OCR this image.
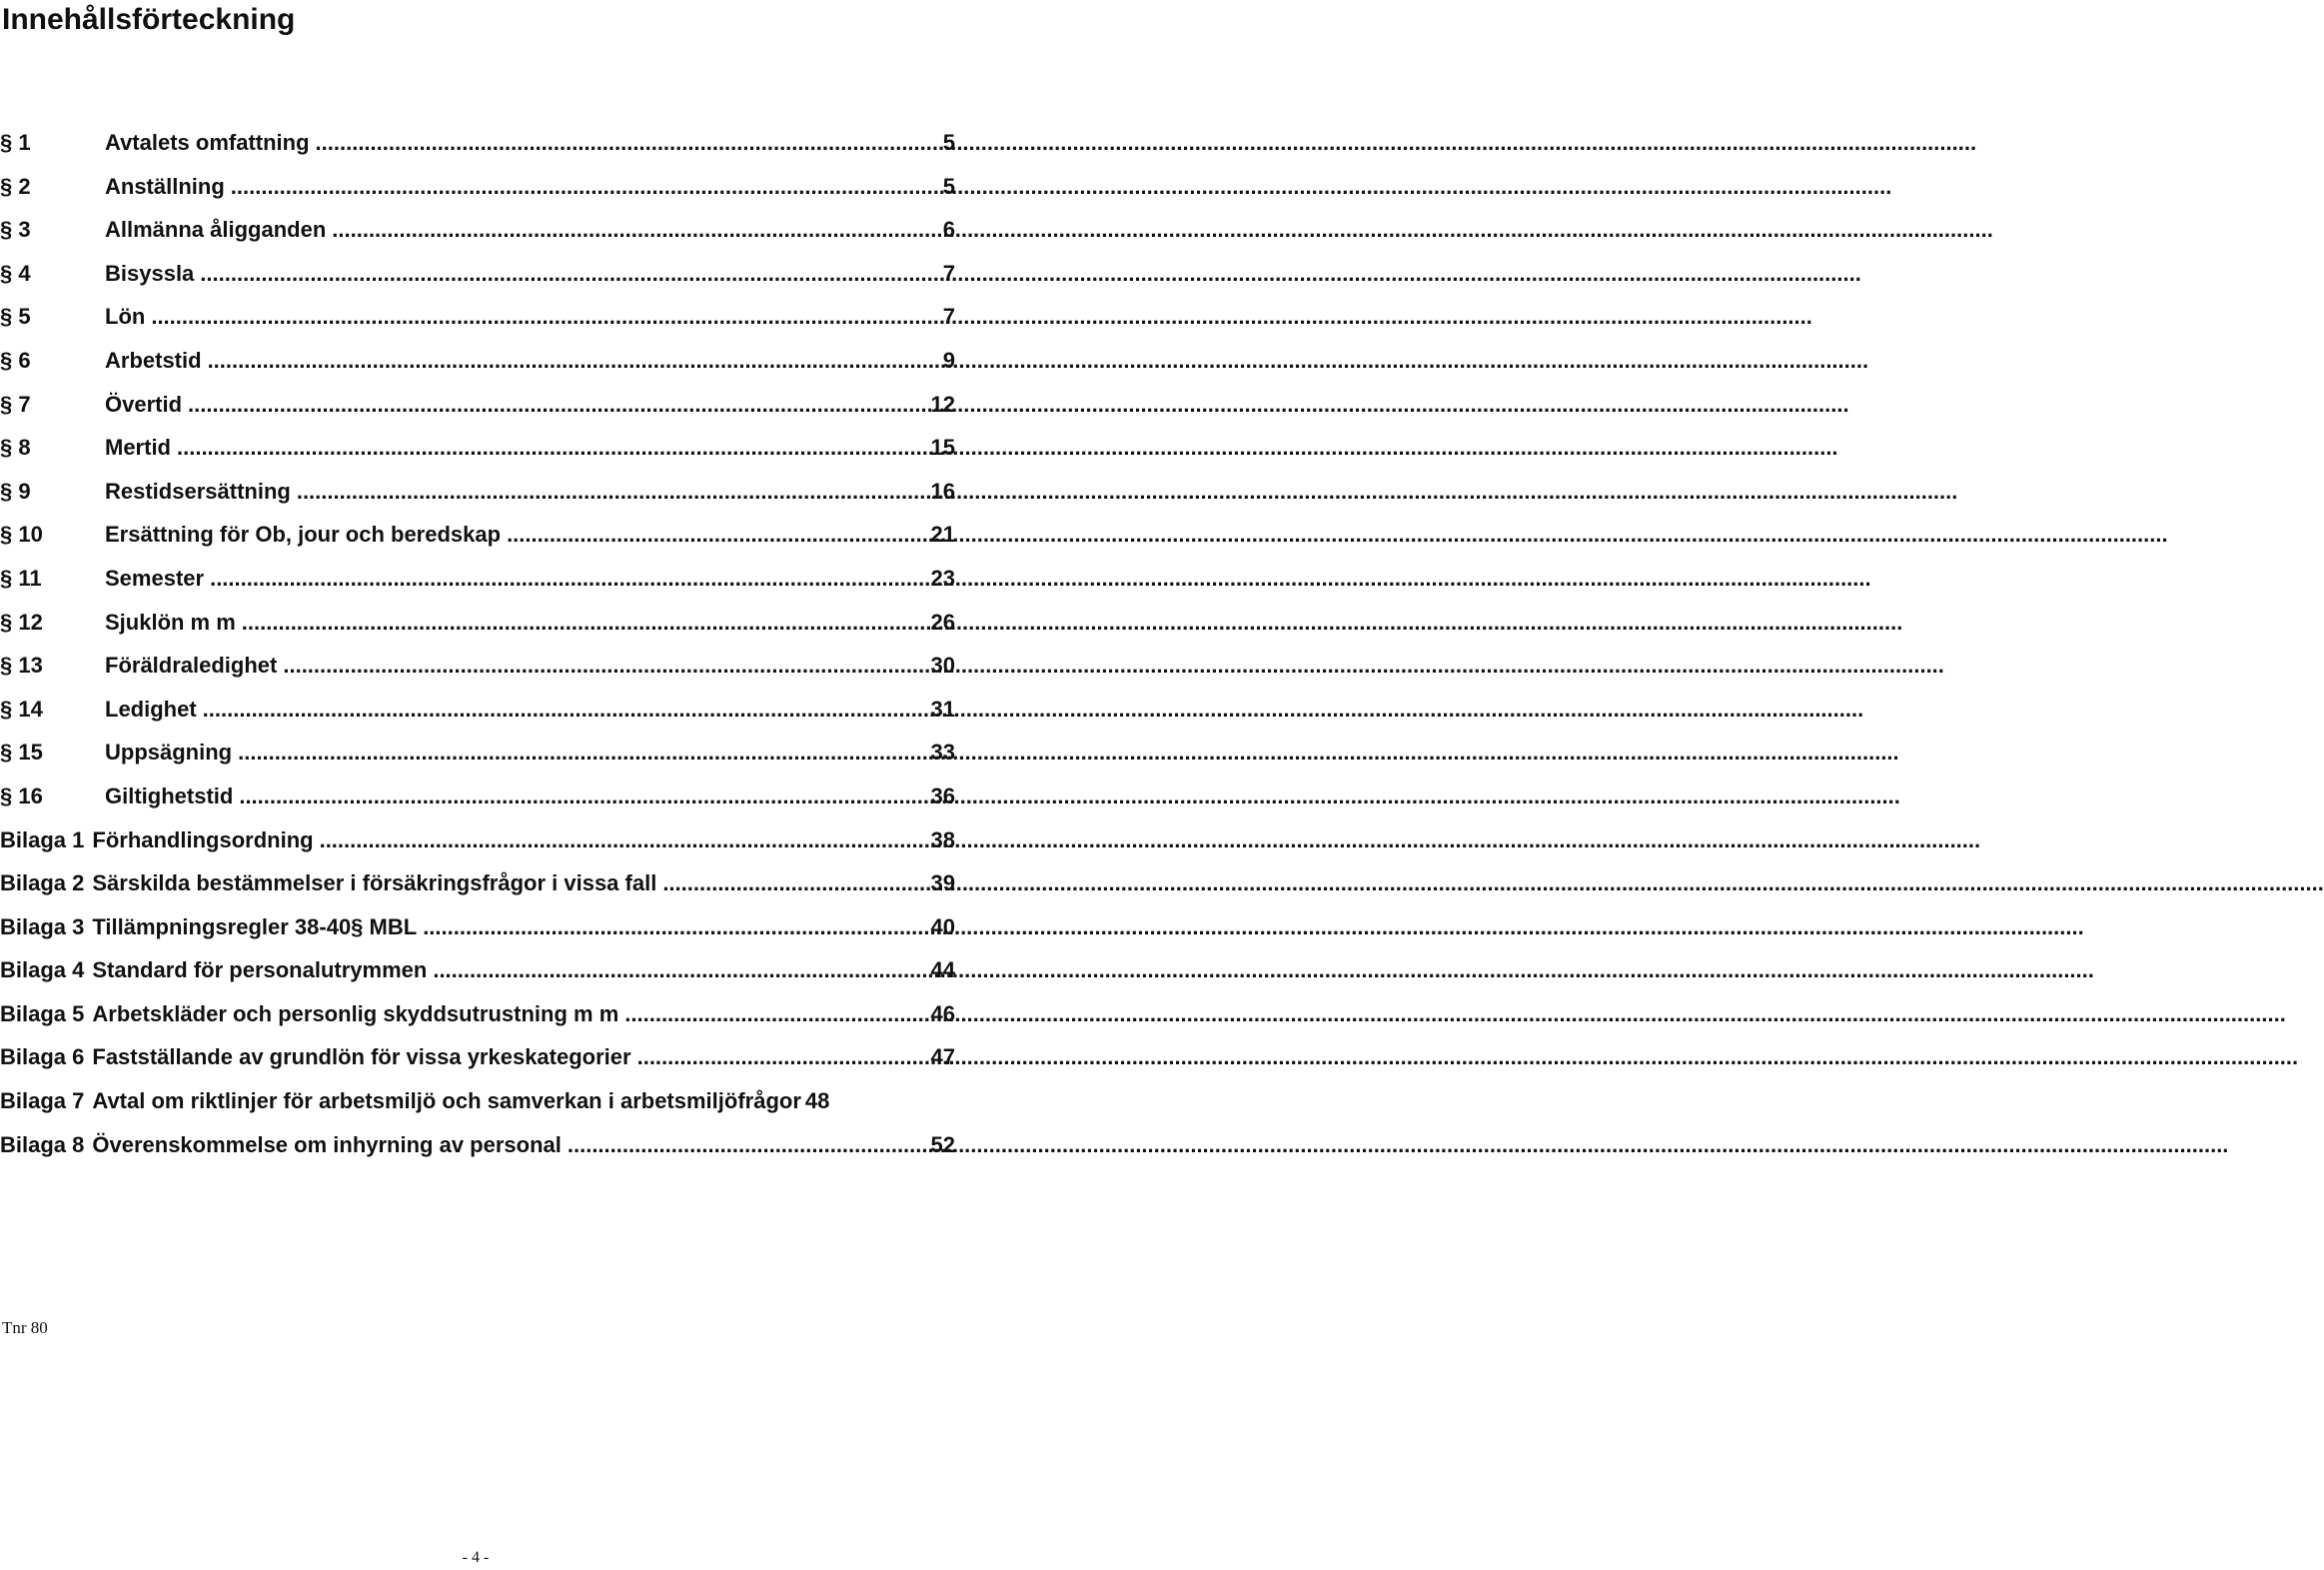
Innehållsförteckning
§ 1	Avtalets omfattning .....	5
§ 2	Anställning .....	5
§ 3	Allmänna åligganden .....	6
§ 4	Bisyssla .....	7
§ 5	Lön .....	7
§ 6	Arbetstid .....	9
§ 7	Övertid .....	12
§ 8	Mertid .....	15
§ 9	Restidsersättning .....	16
§ 10	Ersättning för Ob, jour och beredskap .....	21
§ 11	Semester .....	23
§ 12	Sjuklön m m .....	26
§ 13	Föräldraledighet .....	30
§ 14	Ledighet .....	31
§ 15	Uppsägning .....	33
§ 16	Giltighetstid .....	36
Bilaga 1 Förhandlingsordning .....	38
Bilaga 2 Särskilda bestämmelser i försäkringsfrågor i vissa fall .....	39
Bilaga 3 Tillämpningsregler 38-40§ MBL .....	40
Bilaga 4 Standard för personalutrymmen .....	44
Bilaga 5 Arbetskläder och personlig skyddsutrustning m m .....	46
Bilaga 6 Fastställande av grundlön för vissa yrkeskategorier .....	47
Bilaga 7 Avtal om riktlinjer för arbetsmiljö och samverkan i arbetsmiljöfrågor 48
Bilaga 8 Överenskommelse om inhyrning av personal .....	52
Tnr 80
- 4 -
